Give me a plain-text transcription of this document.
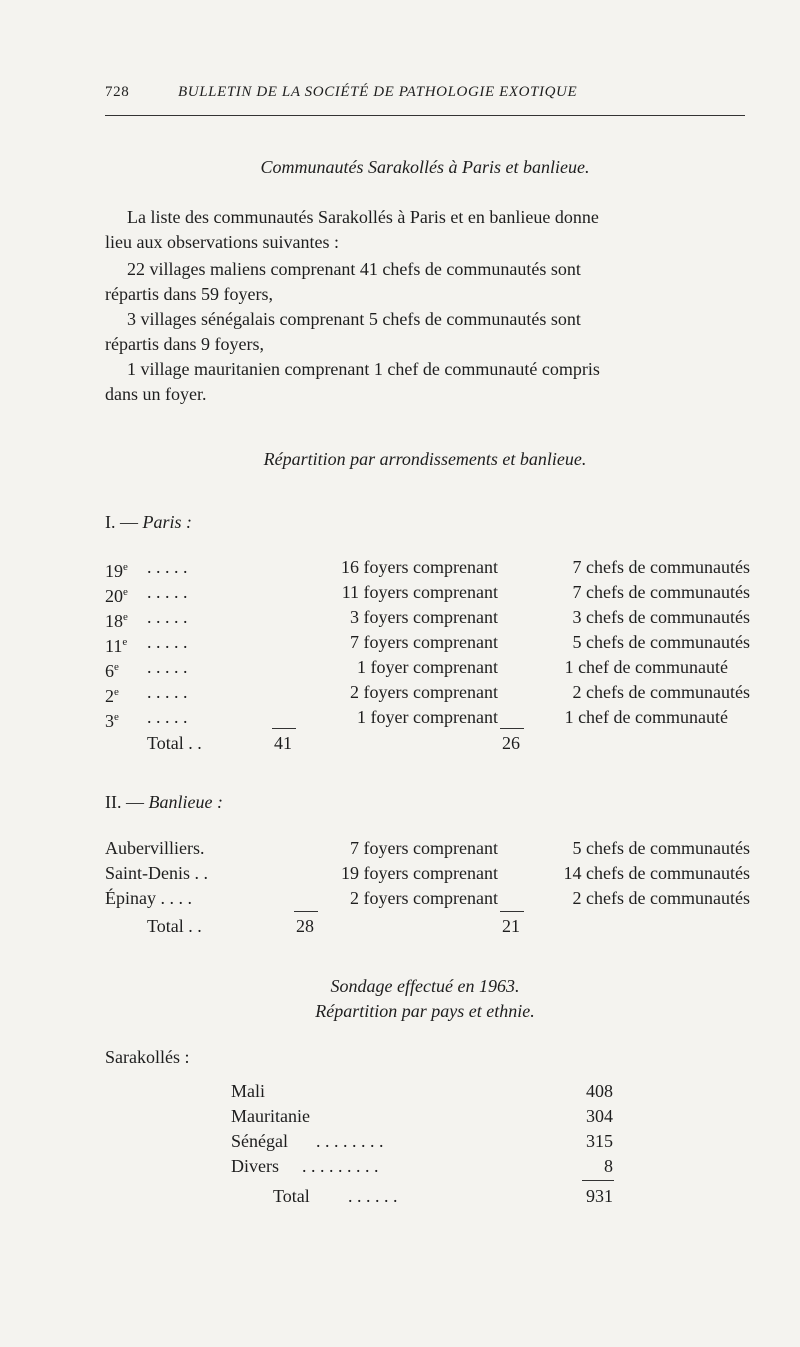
728	BULLETIN DE LA SOCIÉTÉ DE PATHOLOGIE EXOTIQUE
Communautés Sarakollés à Paris et banlieue.
La liste des communautés Sarakollés à Paris et en banlieue donne
lieu aux observations suivantes :
22 villages maliens comprenant 41 chefs de communautés sont
répartis dans 59 foyers,
3 villages sénégalais comprenant 5 chefs de communautés sont
répartis dans 9 foyers,
1 village mauritanien comprenant 1 chef de communauté compris
dans un foyer.
Répartition par arrondissements et banlieue.
I. — Paris :
19e . . . . .	16 foyers comprenant	7 chefs de communautés
20e . . . . .	11 foyers comprenant	7 chefs de communautés
18e . . . . .	3 foyers comprenant	3 chefs de communautés
11e . . . . .	7 foyers comprenant	5 chefs de communautés
6e . . . . .	1 foyer comprenant	1 chef de communauté
2e . . . . .	2 foyers comprenant	2 chefs de communautés
3e . . . . .	1 foyer comprenant	1 chef de communauté
Total . .	41	26
II. — Banlieue :
Aubervilliers.	7 foyers comprenant	5 chefs de communautés
Saint-Denis . .	19 foyers comprenant	14 chefs de communautés
Épinay . . . .	2 foyers comprenant	2 chefs de communautés
Total . .	28	21
Sondage effectué en 1963.
Répartition par pays et ethnie.
Sarakollés :
Mali	408
Mauritanie	304
Sénégal . . . . . . . .	315
Divers . . . . . . . . .	8
Total . . . . . .	931
